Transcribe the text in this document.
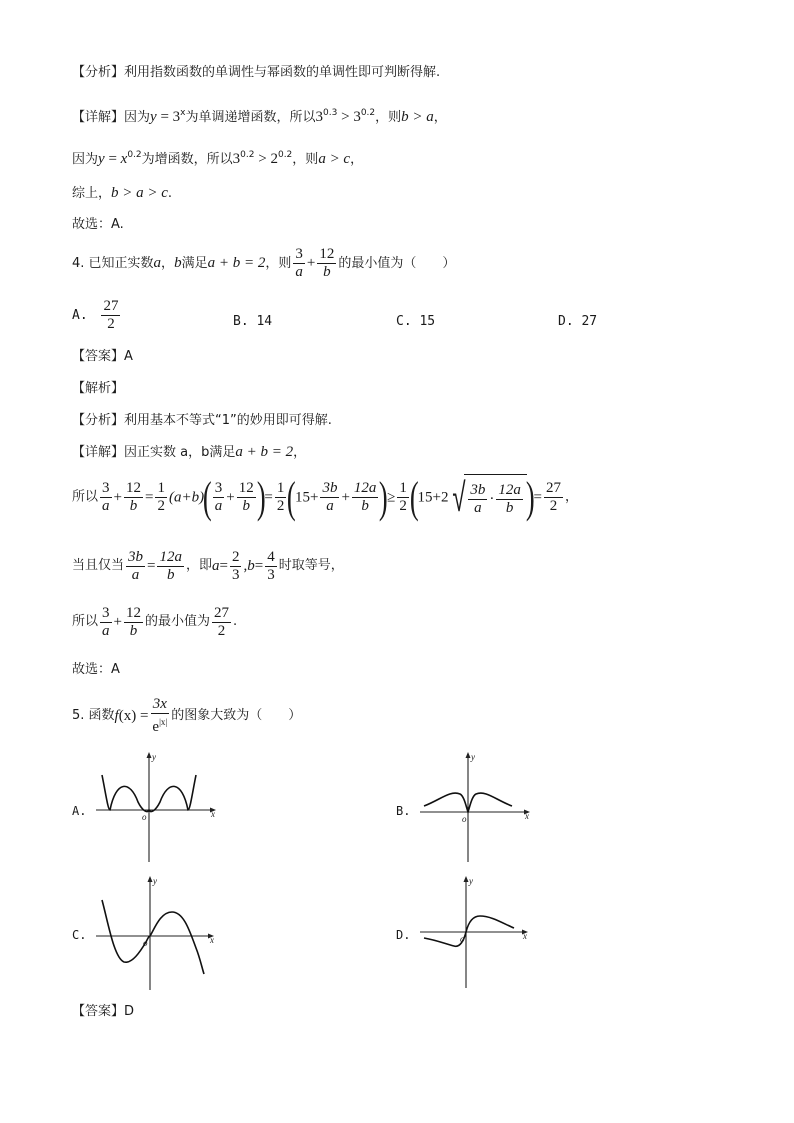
【分析】利用指数函数的单调性与幂函数的单调性即可判断得解.
【详解】因为$y = 3^x$为单调递增函数，所以$3^{0.3} > 3^{0.2}$，则b > a，
因为$y = x^{0.2}$为增函数，所以$3^{0.2} > 2^{0.2}$，则a > c，
综上，b > a > c.
故选：A.
4. 已知正实数a，b满足a + b = 2，则 $\frac{3}{a} + \frac{12}{b}$ 的最小值为（　　）
A. $\frac{27}{2}$	B. 14	C. 15	D. 27
【答案】A
【解析】
【分析】利用基本不等式“1”的妙用即可得解.
【详解】因正实数 a，b满足a + b = 2，
所以 $\frac{3}{a} + \frac{12}{b} = \frac{1}{2} (a+b)( \frac{3}{a} + \frac{12}{b}$ )= $\frac{1}{2} (15+ \frac{3b}{a} + \frac{12a}{b}$ )≥ $\frac{1}{2} (15+2$ √ $\frac{3b}{a} \cdot \frac{12a}{b}$ )= $\frac{27}{2}$ ，
当且仅当 $\frac{3b}{a} = \frac{12a}{b}$ ，即$a= \frac{2}{3} ,b= \frac{4}{3}$ 时取等号，
所以 $\frac{3}{a} + \frac{12}{b}$ 的最小值为 $\frac{27}{2}$ .
故选：A
5. 函数$f(x) = \frac{3x}{e^{|x|}}$ 的图象大致为（　　）
A.
y
x
o	B.
y
x
o
C.
y
x
o
D.
y
x
o
【答案】D
